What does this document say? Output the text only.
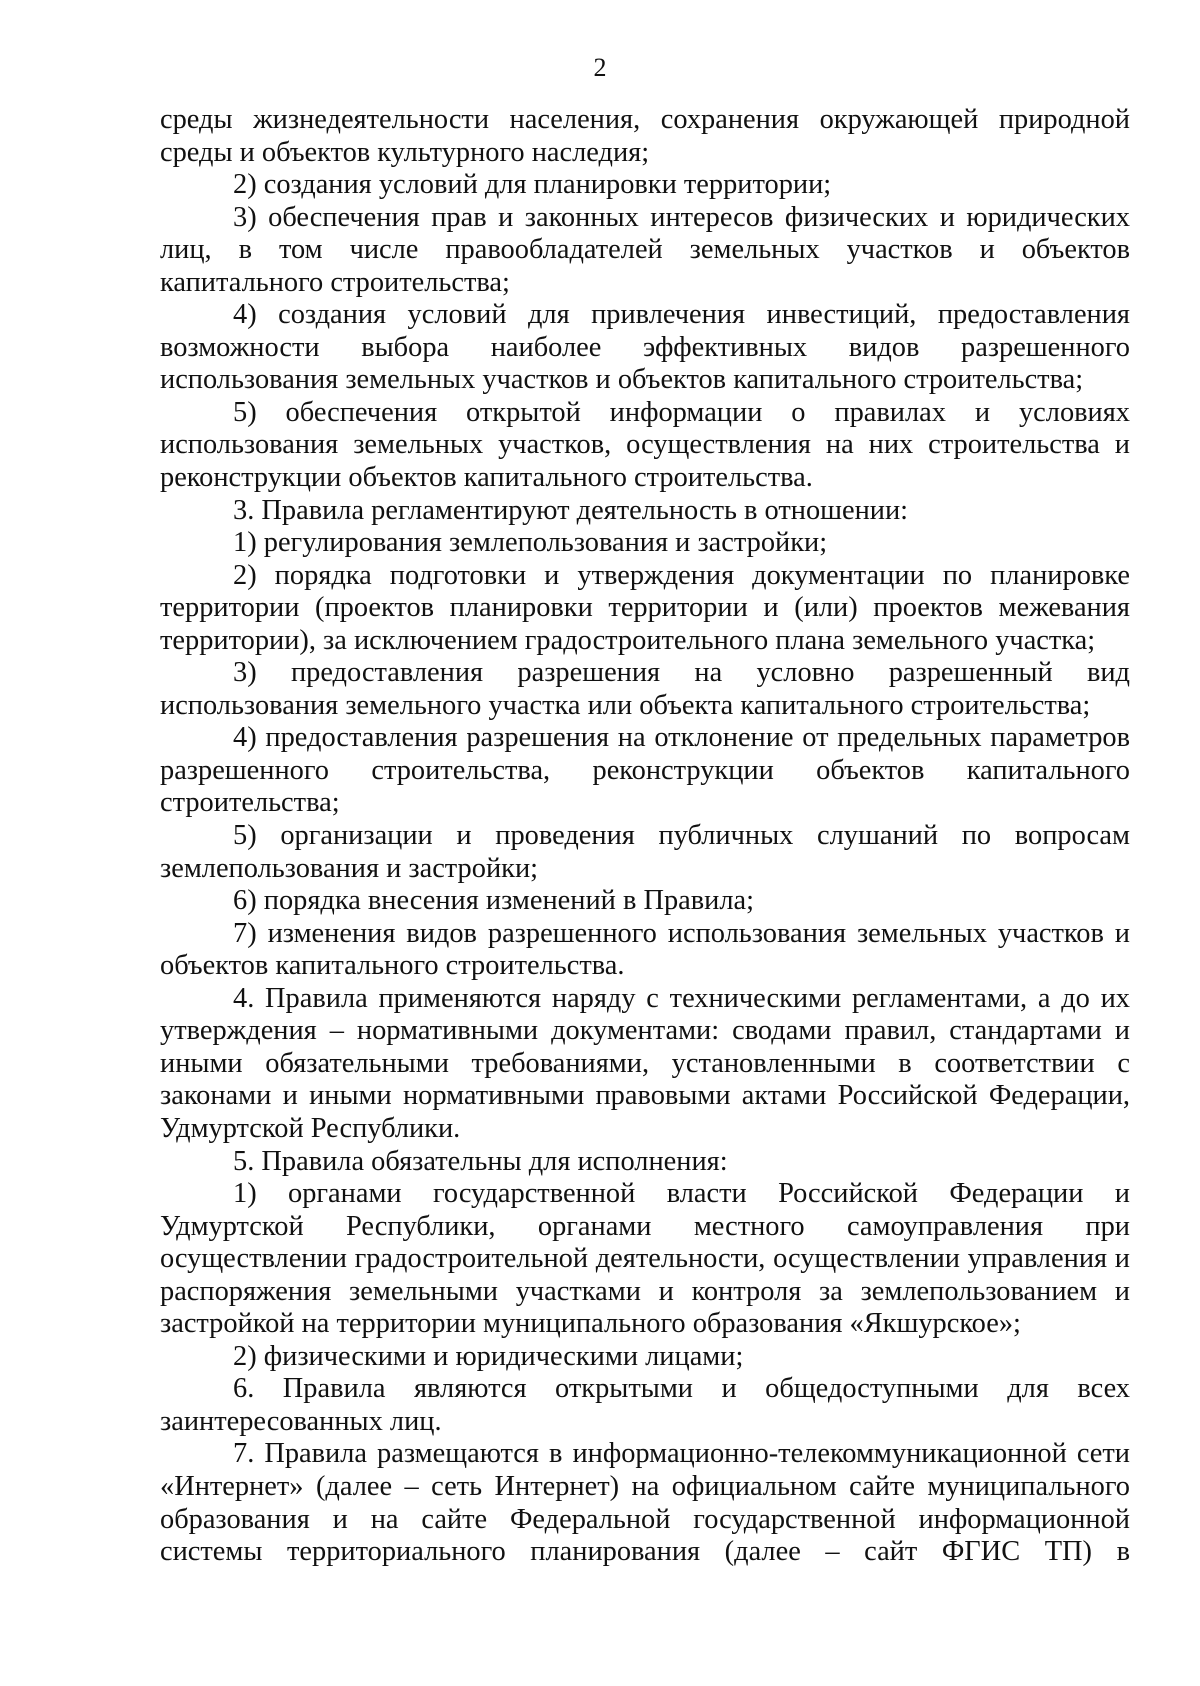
2

среды жизнедеятельности населения, сохранения окружающей природной среды и объектов культурного наследия;

2) создания условий для планировки территории;

3) обеспечения прав и законных интересов физических и юридических лиц, в том числе правообладателей земельных участков и объектов капитального строительства;

4) создания условий для привлечения инвестиций, предоставления возможности выбора наиболее эффективных видов разрешенного использования земельных участков и объектов капитального строительства;

5) обеспечения открытой информации о правилах и условиях использования земельных участков, осуществления на них строительства и реконструкции объектов капитального строительства.

3. Правила регламентируют деятельность в отношении:

1) регулирования землепользования и застройки;

2) порядка подготовки и утверждения документации по планировке территории (проектов планировки территории и (или) проектов межевания территории), за исключением градостроительного плана земельного участка;

3) предоставления разрешения на условно разрешенный вид использования земельного участка или объекта капитального строительства;

4) предоставления разрешения на отклонение от предельных параметров разрешенного строительства, реконструкции объектов капитального строительства;

5) организации и проведения публичных слушаний по вопросам землепользования и застройки;

6) порядка внесения изменений в Правила;

7) изменения видов разрешенного использования земельных участков и объектов капитального строительства.

4. Правила применяются наряду с техническими регламентами, а до их утверждения – нормативными документами: сводами правил, стандартами и иными обязательными требованиями, установленными в соответствии с законами и иными нормативными правовыми актами Российской Федерации, Удмуртской Республики.

5. Правила обязательны для исполнения:

1) органами государственной власти Российской Федерации и Удмуртской Республики, органами местного самоуправления при осуществлении градостроительной деятельности, осуществлении управления и распоряжения земельными участками и контроля за землепользованием и застройкой на территории муниципального образования «Якшурское»;

2) физическими и юридическими лицами;

6. Правила являются открытыми и общедоступными для всех заинтересованных лиц.

7. Правила размещаются в информационно-телекоммуникационной сети «Интернет» (далее – сеть Интернет) на официальном сайте муниципального образования и на сайте Федеральной государственной информационной системы территориального планирования (далее – сайт ФГИС ТП) в
